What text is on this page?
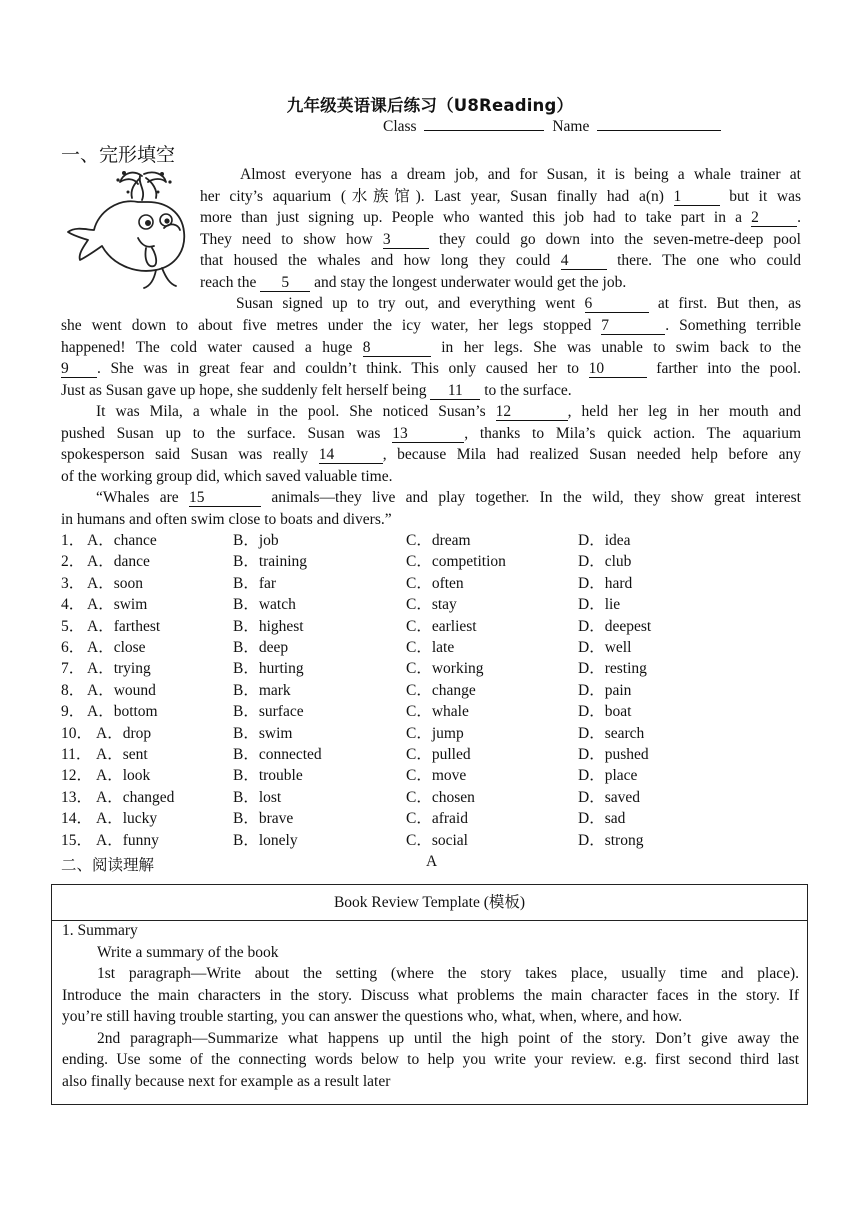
九年级英语课后练习（U8Reading）
Class	Name
一、完形填空
Almost everyone has a dream job, and for Susan, it is being a whale trainer at
her city’s aquarium (水族馆). Last year, Susan finally had a(n) 1 but it was
more than just signing up. People who wanted this job had to take part in a 2 .
They need to show how 3 they could go down into the seven-metre-deep pool
that housed the whales and how long they could 4 there. The one who could
reach the 5 and stay the longest underwater would get the job.
Susan signed up to try out, and everything went 6	at first. But then, as
she went down to about five metres under the icy water, her legs stopped 7	. Something terrible
happened! The cold water caused a huge 8	in her legs. She was unable to swim back to the
9 . She was in great fear and couldn’t think. This only caused her to 10	farther into the pool.
Just as Susan gave up hope, she suddenly felt herself being 11 to the surface.
It was Mila, a whale in the pool. She noticed Susan’s 12	, held her leg in her mouth and
pushed Susan up to the surface. Susan was 13	, thanks to Mila’s quick action. The aquarium
spokesperson said Susan was really 14	, because Mila had realized Susan needed help before any
of the working group did, which saved valuable time.
“Whales are 15	animals—they live and play together. In the wild, they show great interest
in humans and often swim close to boats and divers.”
1． A．chance	B．job	C．dream	D．idea
2． A．dance	B．training	C．competition	D．club
3． A．soon	B．far	C．often	D．hard
4． A．swim	B．watch	C．stay	D．lie
5． A．farthest	B．highest	C．earliest	D．deepest
6． A．close	B．deep	C．late	D．well
7． A．trying	B．hurting	C．working	D．resting
8． A．wound	B．mark	C．change	D．pain
9． A．bottom	B．surface	C．whale	D．boat
10． A．drop	B．swim	C．jump	D．search
11． A．sent	B．connected	C．pulled	D．pushed
12． A．look	B．trouble	C．move	D．place
13． A．changed	B．lost	C．chosen	D．saved
14． A．lucky	B．brave	C．afraid	D．sad
15． A．funny	B．lonely	C．social	D．strong
二、阅读理解	A
Book Review Template (模板)
1. Summary
Write a summary of the book
1st paragraph—Write about the setting (where the story takes place, usually time and place).
Introduce the main characters in the story. Discuss what problems the main character faces in the story. If
you’re still having trouble starting, you can answer the questions who, what, when, where, and how.
2nd paragraph—Summarize what happens up until the high point of the story. Don’t give away the
ending. Use some of the connecting words below to help you write your review. e.g. first second third last
also finally because next for example as a result later
